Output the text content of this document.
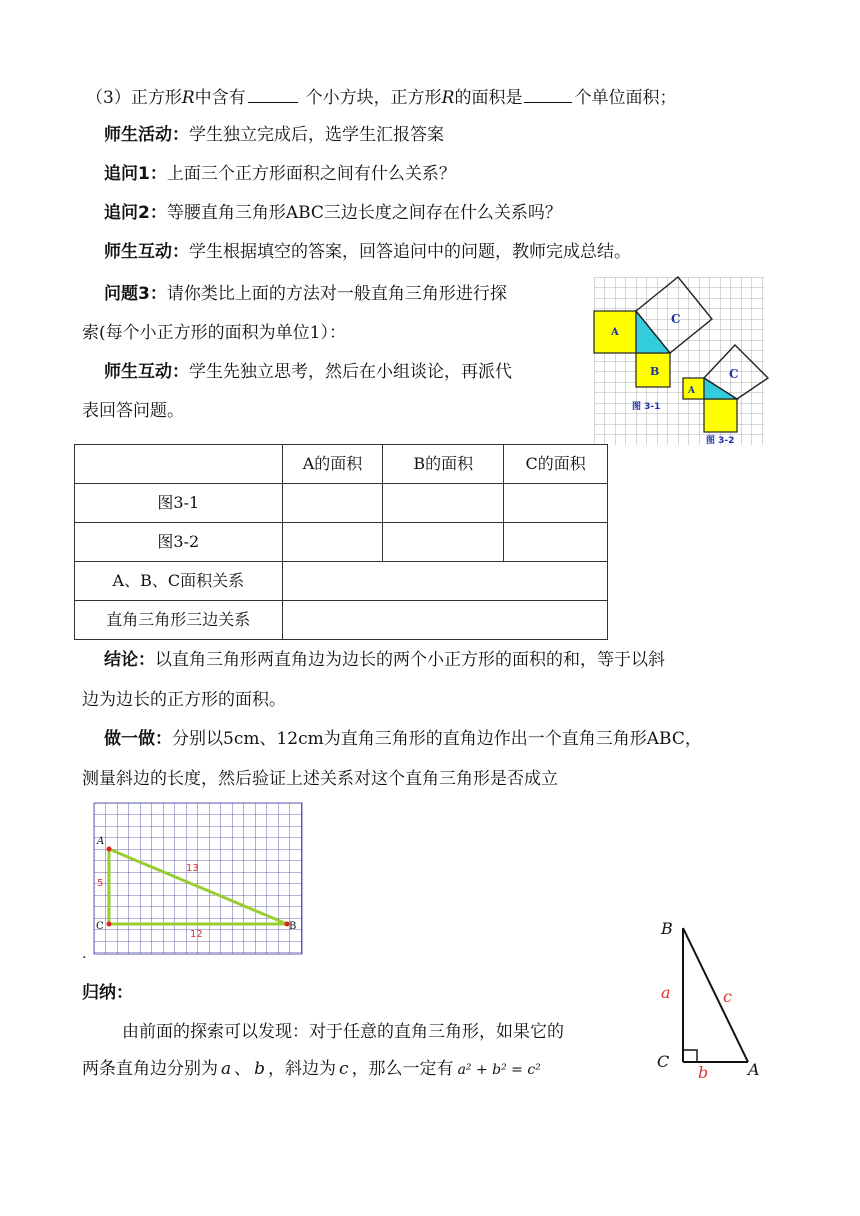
（3）正方形R中含有	个小方块，正方形R的面积是	个单位面积；
师生活动：学生独立完成后，选学生汇报答案
追问1：上面三个正方形面积之间有什么关系？
追问2：等腰直角三角形ABC三边长度之间存在什么关系吗？
师生互动：学生根据填空的答案，回答追问中的问题，教师完成总结。
问题3：请你类比上面的方法对一般直角三角形进行探
索(每个小正方形的面积为单位1）：
师生互动：学生先独立思考，然后在小组谈论，再派代
表回答问题。
A
B
C
图 3-1
A
C
图 3-2
	A的面积	B的面积	C的面积
图3-1			
图3-2			
A、B、C面积关系			
直角三角形三边关系			
结论：以直角三角形两直角边为边长的两个小正方形的面积的和，等于以斜
边为边长的正方形的面积。
做一做：分别以5cm、12cm为直角三角形的直角边作出一个直角三角形ABC，
测量斜边的长度，然后验证上述关系对这个直角三角形是否成立
A
C	B
5
13
12
.
归纳：
由前面的探索可以发现：对于任意的直角三角形，如果它的
两条直角边分别为 a 、 b ，斜边为 c ，那么一定有 a² + b² = c²
B
C	A
a	c
b
